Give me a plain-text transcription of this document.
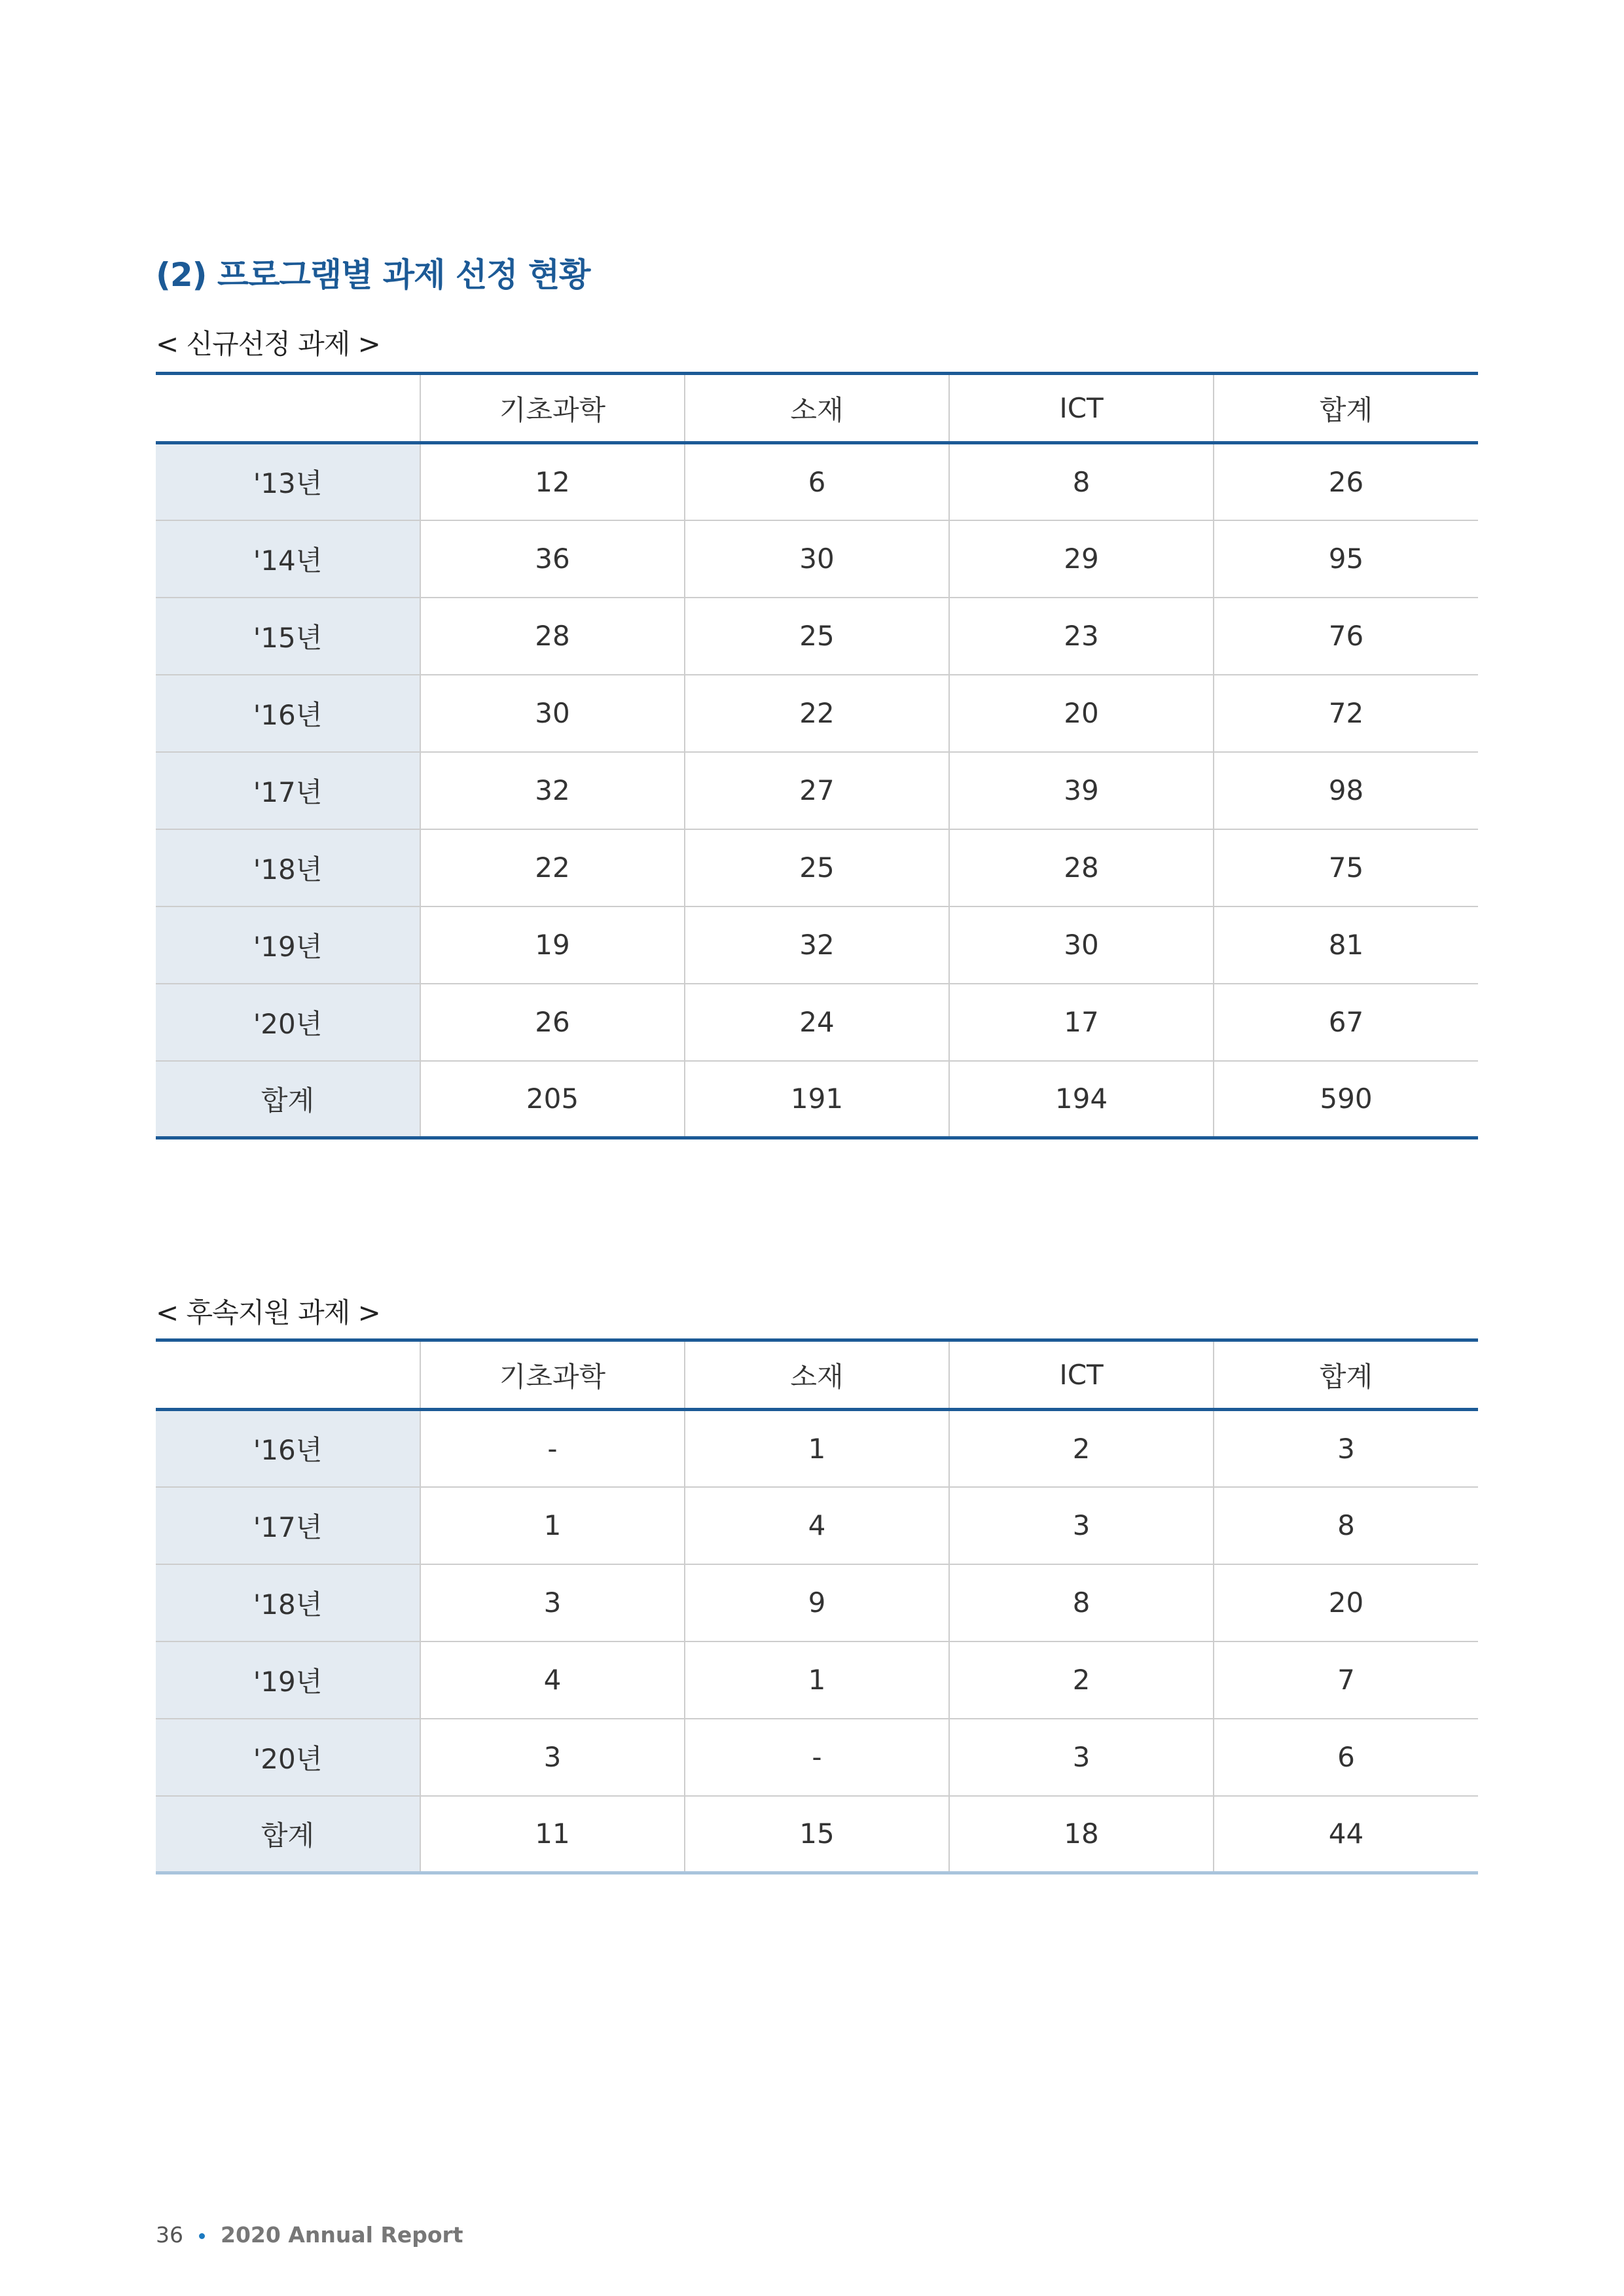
(2) 프로그램별 과제 선정 현황
< 신규선정 과제 >
	기초과학	소재	ICT	합계
'13년	12	6	8	26
'14년	36	30	29	95
'15년	28	25	23	76
'16년	30	22	20	72
'17년	32	27	39	98
'18년	22	25	28	75
'19년	19	32	30	81
'20년	26	24	17	67
합계	205	191	194	590
< 후속지원 과제 >
	기초과학	소재	ICT	합계
'16년	-	1	2	3
'17년	1	4	3	8
'18년	3	9	8	20
'19년	4	1	2	7
'20년	3	-	3	6
합계	11	15	18	44
36 2020 Annual Report
